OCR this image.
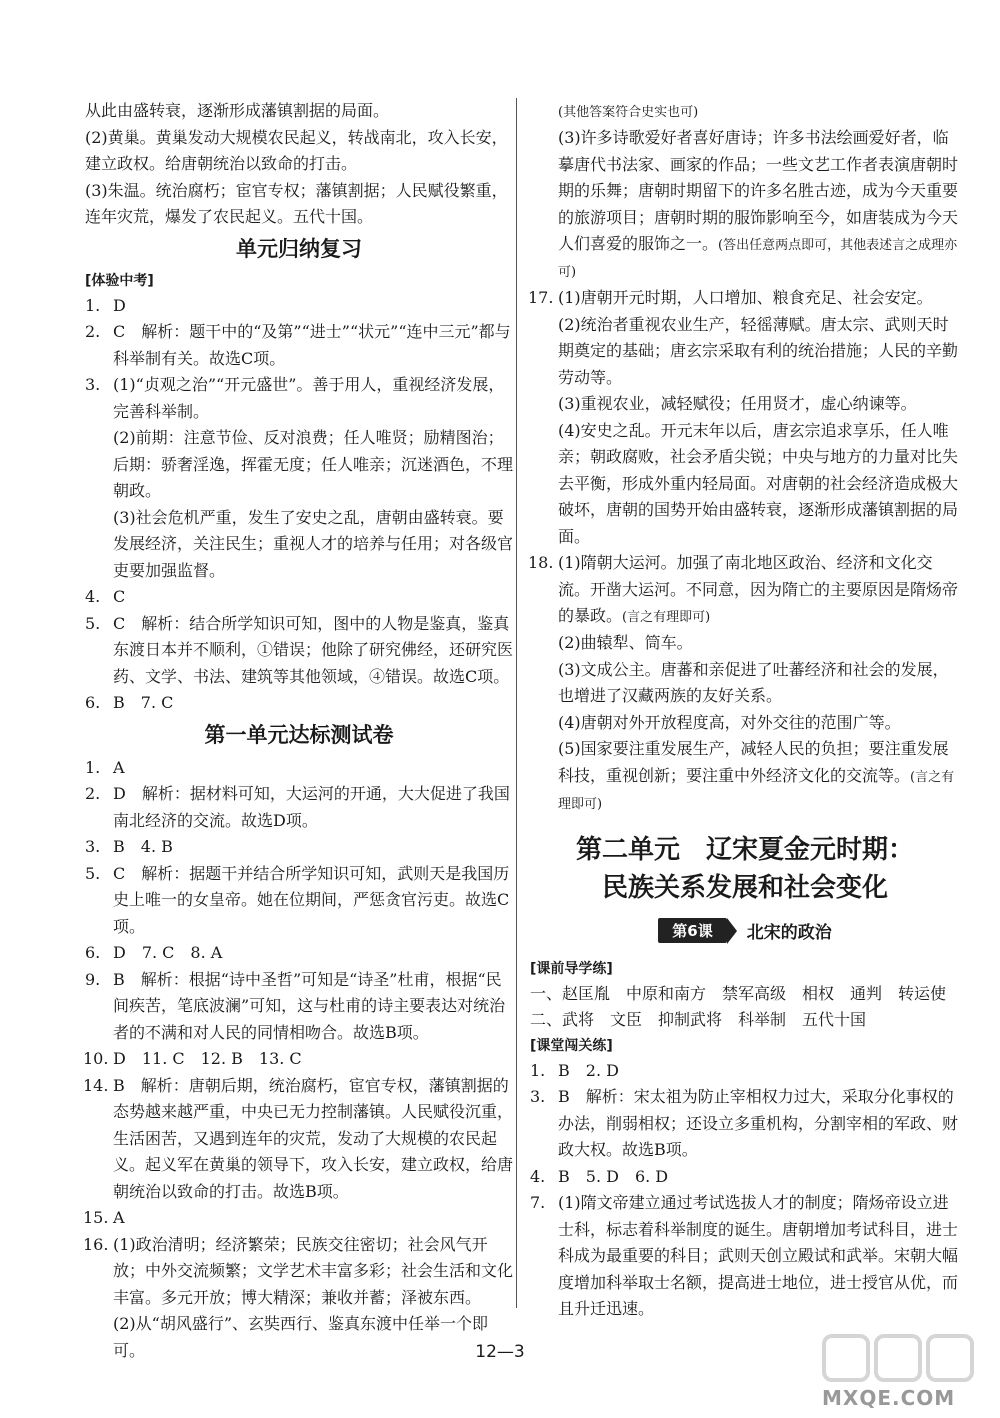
从此由盛转衰，逐渐形成藩镇割据的局面。

(2)黄巢。黄巢发动大规模农民起义，转战南北，攻入长安，建立政权。给唐朝统治以致命的打击。

(3)朱温。统治腐朽；宦官专权；藩镇割据；人民赋役繁重，连年灾荒，爆发了农民起义。五代十国。

单元归纳复习
[体验中考]
1. D
2. C　解析：题干中的“及第”“进士”“状元”“连中三元”都与科举制有关。故选C项。
3. (1)“贞观之治”“开元盛世”。善于用人，重视经济发展，完善科举制。
(2)前期：注意节俭、反对浪费；任人唯贤；励精图治；后期：骄奢淫逸，挥霍无度；任人唯亲；沉迷酒色，不理朝政。
(3)社会危机严重，发生了安史之乱，唐朝由盛转衰。要发展经济，关注民生；重视人才的培养与任用；对各级官吏要加强监督。
4. C
5. C　解析：结合所学知识可知，图中的人物是鉴真，鉴真东渡日本并不顺利，①错误；他除了研究佛经，还研究医药、文学、书法、建筑等其他领域，④错误。故选C项。
6. B　7. C
第一单元达标测试卷
1. A
2. D　解析：据材料可知，大运河的开通，大大促进了我国南北经济的交流。故选D项。
3. B　4. B
5. C　解析：据题干并结合所学知识可知，武则天是我国历史上唯一的女皇帝。她在位期间，严惩贪官污吏。故选C项。
6. D　7. C　8. A
9. B　解析：根据“诗中圣哲”可知是“诗圣”杜甫，根据“民间疾苦，笔底波澜”可知，这与杜甫的诗主要表达对统治者的不满和对人民的同情相吻合。故选B项。
10. D　11. C　12. B　13. C
14. B　解析：唐朝后期，统治腐朽，宦官专权，藩镇割据的态势越来越严重，中央已无力控制藩镇。人民赋役沉重，生活困苦，又遇到连年的灾荒，发动了大规模的农民起义。起义军在黄巢的领导下，攻入长安，建立政权，给唐朝统治以致命的打击。故选B项。
15. A
16. (1)政治清明；经济繁荣；民族交往密切；社会风气开放；中外交流频繁；文学艺术丰富多彩；社会生活和文化丰富。多元开放；博大精深；兼收并蓄；泽被东西。
(2)从“胡风盛行”、玄奘西行、鉴真东渡中任举一个即可。
(其他答案符合史实也可)
(3)许多诗歌爱好者喜好唐诗；许多书法绘画爱好者，临摹唐代书法家、画家的作品；一些文艺工作者表演唐朝时期的乐舞；唐朝时期留下的许多名胜古迹，成为今天重要的旅游项目；唐朝时期的服饰影响至今，如唐装成为今天人们喜爱的服饰之一。(答出任意两点即可，其他表述言之成理亦可)
17. (1)唐朝开元时期，人口增加、粮食充足、社会安定。
(2)统治者重视农业生产，轻徭薄赋。唐太宗、武则天时期奠定的基础；唐玄宗采取有利的统治措施；人民的辛勤劳动等。
(3)重视农业，减轻赋役；任用贤才，虚心纳谏等。
(4)安史之乱。开元末年以后，唐玄宗追求享乐，任人唯亲；朝政腐败，社会矛盾尖锐；中央与地方的力量对比失去平衡，形成外重内轻局面。对唐朝的社会经济造成极大破坏，唐朝的国势开始由盛转衰，逐渐形成藩镇割据的局面。
18. (1)隋朝大运河。加强了南北地区政治、经济和文化交流。开凿大运河。不同意，因为隋亡的主要原因是隋炀帝的暴政。(言之有理即可)
(2)曲辕犁、筒车。
(3)文成公主。唐蕃和亲促进了吐蕃经济和社会的发展，也增进了汉藏两族的友好关系。
(4)唐朝对外开放程度高，对外交往的范围广等。
(5)国家要注重发展生产，减轻人民的负担；要注重发展科技，重视创新；要注重中外经济文化的交流等。(言之有理即可)
第二单元　辽宋夏金元时期：
民族关系发展和社会变化
第6课	北宋的政治
[课前导学练]

一、赵匡胤　中原和南方　禁军高级　相权　通判　转运使

二、武将　文臣　抑制武将　科举制　五代十国

[课堂闯关练]
1. B　2. D
3. B　解析：宋太祖为防止宰相权力过大，采取分化事权的办法，削弱相权；还设立多重机构，分割宰相的军政、财政大权。故选B项。
4. B　5. D　6. D
7. (1)隋文帝建立通过考试选拔人才的制度；隋炀帝设立进士科，标志着科举制度的诞生。唐朝增加考试科目，进士科成为最重要的科目；武则天创立殿试和武举。宋朝大幅度增加科举取士名额，提高进士地位，进士授官从优，而且升迁迅速。
12—3
MXQE.COM
